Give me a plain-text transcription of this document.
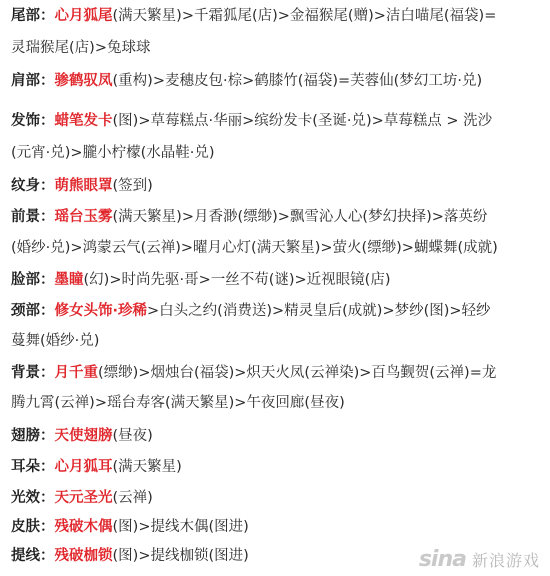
尾部：心月狐尾(满天繁星)>千霜狐尾(店)>金福猴尾(赠)>洁白喵尾(福袋)=
灵瑞猴尾(店)>兔球球
肩部：骖鹤驭凤(重构)>麦穗皮包·棕>鹤膝竹(福袋)=芙蓉仙(梦幻工坊·兑)
发饰：蜡笔发卡(图)>草莓糕点·华丽>缤纷发卡(圣诞·兑)>草莓糕点 > 洗沙
(元宵·兑)>朧小柠檬(水晶鞋·兑)
纹身：萌熊眼罩(签到)
前景：瑶台玉雾(满天繁星)>月香渺(缥缈)>飘雪沁人心(梦幻抉择)>落英纷
(婚纱·兑)>鸿蒙云气(云禅)>曜月心灯(满天繁星)>萤火(缥缈)>蝴蝶舞(成就)
脸部：墨瞳(幻)>时尚先驱·哥>一丝不苟(谜)>近视眼镜(店)
颈部：修女头饰·珍稀>白头之约(消费送)>精灵皇后(成就)>梦纱(图)>轻纱
蔓舞(婚纱·兑)
背景：月千重(缥缈)>烟烛台(福袋)>炽天火凤(云禅染)>百鸟觐贺(云禅)=龙
腾九霄(云禅)>瑶台寿客(满天繁星)>午夜回廊(昼夜)
翅膀：天使翅膀(昼夜)
耳朵：心月狐耳(满天繁星)
光效：天元圣光(云禅)
皮肤：残破木偶(图)>提线木偶(图进)
提线：残破枷锁(图)>提线枷锁(图进)	sina 新浪游戏
